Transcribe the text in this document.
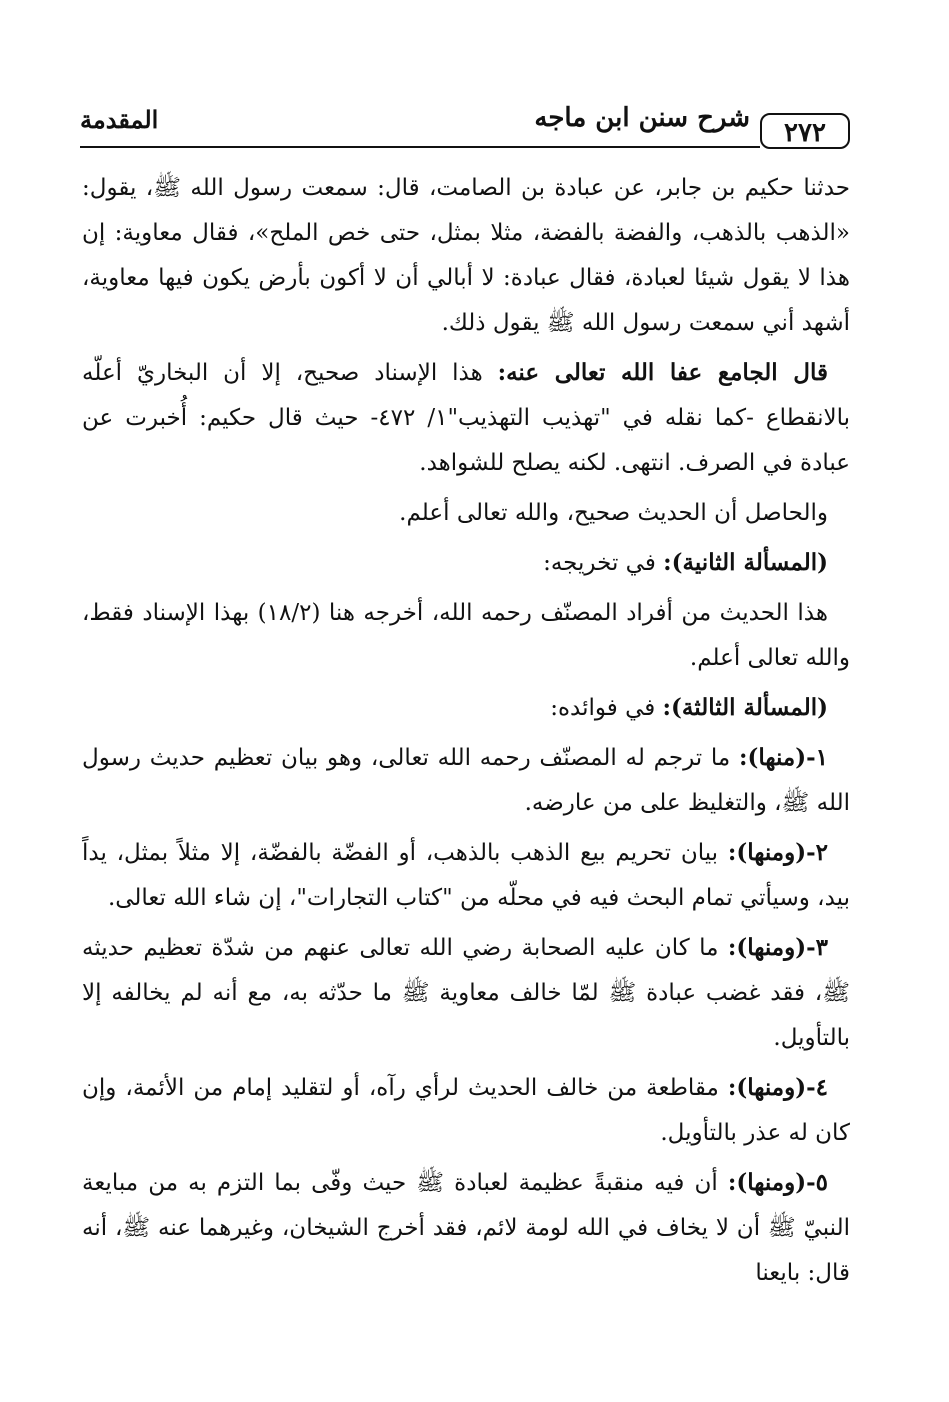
المقدمة	شرح سنن ابن ماجه	٢٧٢

حدثنا حكيم بن جابر، عن عبادة بن الصامت، قال: سمعت رسول الله ﷺ، يقول: «الذهب بالذهب، والفضة بالفضة، مثلا بمثل، حتى خص الملح»، فقال معاوية: إن هذا لا يقول شيئا لعبادة، فقال عبادة: لا أبالي أن لا أكون بأرض يكون فيها معاوية، أشهد أني سمعت رسول الله ﷺ يقول ذلك.

قال الجامع عفا الله تعالى عنه: هذا الإسناد صحيح، إلا أن البخاريّ أعلّه بالانقطاع -كما نقله في "تهذيب التهذيب"١/ ٤٧٢- حيث قال حكيم: أُخبرت عن عبادة في الصرف. انتهى. لكنه يصلح للشواهد.

والحاصل أن الحديث صحيح، والله تعالى أعلم.

(المسألة الثانية): في تخريجه:

هذا الحديث من أفراد المصنّف رحمه الله، أخرجه هنا (١٨/٢) بهذا الإسناد فقط، والله تعالى أعلم.

(المسألة الثالثة): في فوائده:

١-(منها): ما ترجم له المصنّف رحمه الله تعالى، وهو بيان تعظيم حديث رسول الله ﷺ، والتغليظ على من عارضه.

٢-(ومنها): بيان تحريم بيع الذهب بالذهب، أو الفضّة بالفضّة، إلا مثلاً بمثل، يداً بيد، وسيأتي تمام البحث فيه في محلّه من "كتاب التجارات"، إن شاء الله تعالى.

٣-(ومنها): ما كان عليه الصحابة رضي الله تعالى عنهم من شدّة تعظيم حديثه ﷺ، فقد غضب عبادة ﷺ لمّا خالف معاوية ﷺ ما حدّثه به، مع أنه لم يخالفه إلا بالتأويل.

٤-(ومنها): مقاطعة من خالف الحديث لرأي رآه، أو لتقليد إمام من الأئمة، وإن كان له عذر بالتأويل.

٥-(ومنها): أن فيه منقبةً عظيمة لعبادة ﷺ حيث وفّى بما التزم به من مبايعة النبيّ ﷺ أن لا يخاف في الله لومة لائم، فقد أخرج الشيخان، وغيرهما عنه ﷺ، أنه قال: بايعنا
